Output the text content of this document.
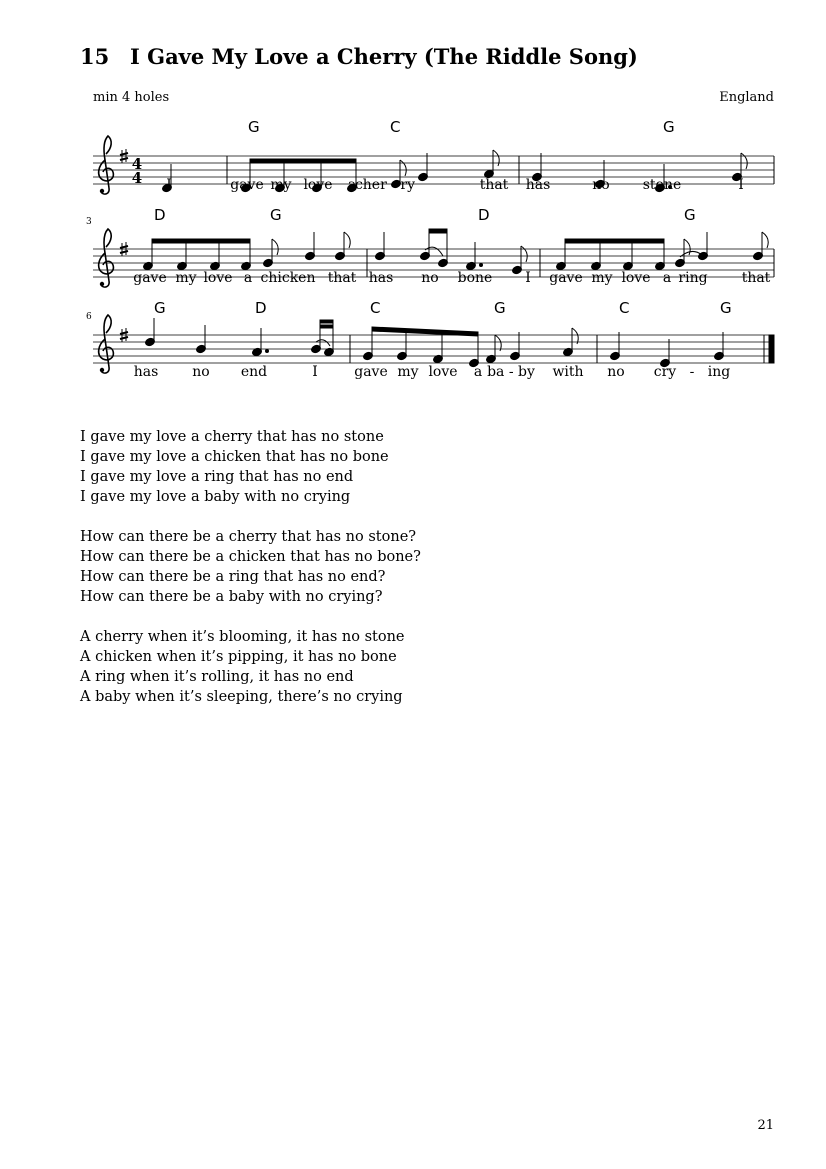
15 I Gave My Love a Cherry (The Riddle Song)
min 4 holes	England
4
4
G	C	G
D	G	D	G
G	D	C	G	C	G
I	gave my love a
cher - ry	that has	no stone	I
gave my love a chicken that has no bone I gave my love a ring that
has no end	I	gave my love a ba - by with no cry - ing
3
6
I gave my love a cherry that has no stone
I gave my love a chicken that has no bone
I gave my love a ring that has no end
I gave my love a baby with no crying
How can there be a cherry that has no stone?
How can there be a chicken that has no bone?
How can there be a ring that has no end?
How can there be a baby with no crying?
A cherry when it’s blooming, it has no stone
A chicken when it’s pipping, it has no bone
A ring when it’s rolling, it has no end
A baby when it’s sleeping, there’s no crying
21
